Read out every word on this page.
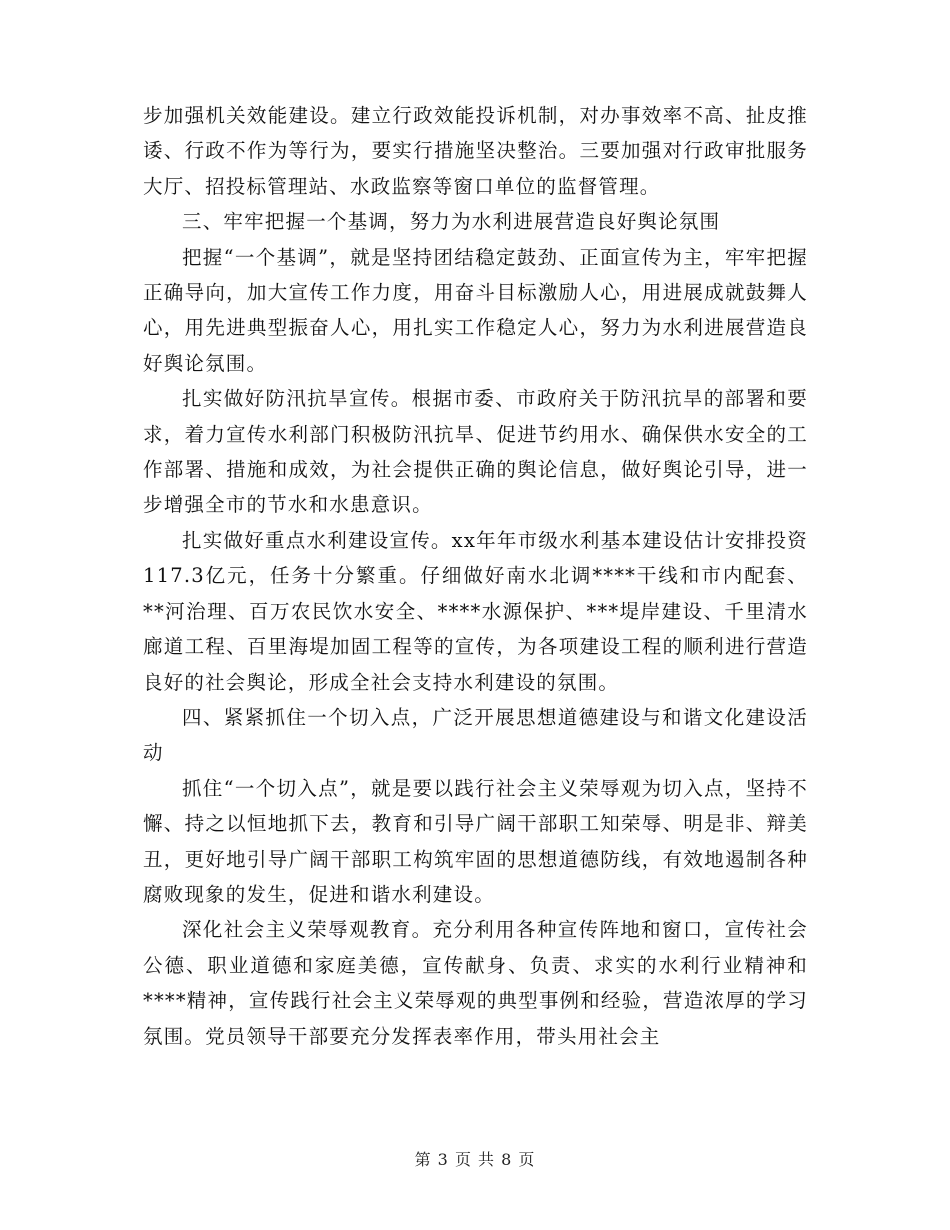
步加强机关效能建设。建立行政效能投诉机制，对办事效率不高、扯皮推诿、行政不作为等行为，要实行措施坚决整治。三要加强对行政审批服务大厅、招投标管理站、水政监察等窗口单位的监督管理。

三、牢牢把握一个基调，努力为水利进展营造良好舆论氛围

把握“一个基调”，就是坚持团结稳定鼓劲、正面宣传为主，牢牢把握正确导向，加大宣传工作力度，用奋斗目标激励人心，用进展成就鼓舞人心，用先进典型振奋人心，用扎实工作稳定人心，努力为水利进展营造良好舆论氛围。

扎实做好防汛抗旱宣传。根据市委、市政府关于防汛抗旱的部署和要求，着力宣传水利部门积极防汛抗旱、促进节约用水、确保供水安全的工作部署、措施和成效，为社会提供正确的舆论信息，做好舆论引导，进一步增强全市的节水和水患意识。

扎实做好重点水利建设宣传。xx年年市级水利基本建设估计安排投资117.3亿元，任务十分繁重。仔细做好南水北调****干线和市内配套、**河治理、百万农民饮水安全、****水源保护、***堤岸建设、千里清水廊道工程、百里海堤加固工程等的宣传，为各项建设工程的顺利进行营造良好的社会舆论，形成全社会支持水利建设的氛围。

四、紧紧抓住一个切入点，广泛开展思想道德建设与和谐文化建设活动

抓住“一个切入点”，就是要以践行社会主义荣辱观为切入点，坚持不懈、持之以恒地抓下去，教育和引导广阔干部职工知荣辱、明是非、辩美丑，更好地引导广阔干部职工构筑牢固的思想道德防线，有效地遏制各种腐败现象的发生，促进和谐水利建设。

深化社会主义荣辱观教育。充分利用各种宣传阵地和窗口，宣传社会公德、职业道德和家庭美德，宣传献身、负责、求实的水利行业精神和****精神，宣传践行社会主义荣辱观的典型事例和经验，营造浓厚的学习氛围。党员领导干部要充分发挥表率作用，带头用社会主

第 3 页 共 8 页
